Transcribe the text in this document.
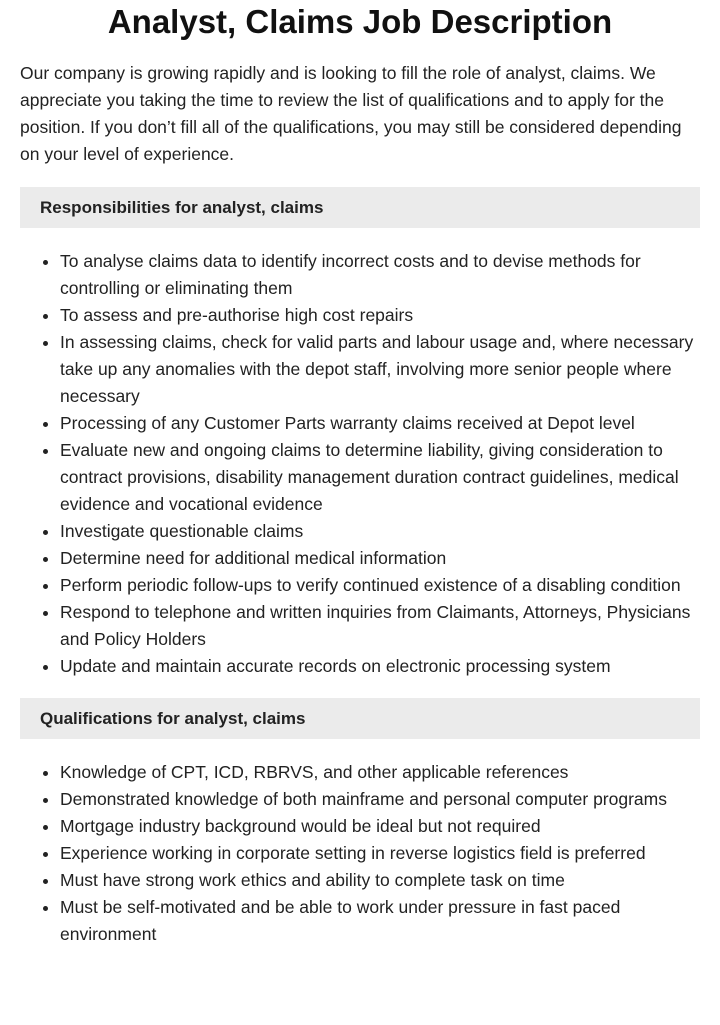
Analyst, Claims Job Description

Our company is growing rapidly and is looking to fill the role of analyst, claims. We appreciate you taking the time to review the list of qualifications and to apply for the position. If you don’t fill all of the qualifications, you may still be considered depending on your level of experience.

Responsibilities for analyst, claims
• To analyse claims data to identify incorrect costs and to devise methods for controlling or eliminating them
• To assess and pre-authorise high cost repairs
• In assessing claims, check for valid parts and labour usage and, where necessary take up any anomalies with the depot staff, involving more senior people where necessary
• Processing of any Customer Parts warranty claims received at Depot level
• Evaluate new and ongoing claims to determine liability, giving consideration to contract provisions, disability management duration contract guidelines, medical evidence and vocational evidence
• Investigate questionable claims
• Determine need for additional medical information
• Perform periodic follow-ups to verify continued existence of a disabling condition
• Respond to telephone and written inquiries from Claimants, Attorneys, Physicians and Policy Holders
• Update and maintain accurate records on electronic processing system
Qualifications for analyst, claims
• Knowledge of CPT, ICD, RBRVS, and other applicable references
• Demonstrated knowledge of both mainframe and personal computer programs
• Mortgage industry background would be ideal but not required
• Experience working in corporate setting in reverse logistics field is preferred
• Must have strong work ethics and ability to complete task on time
• Must be self-motivated and be able to work under pressure in fast paced environment
